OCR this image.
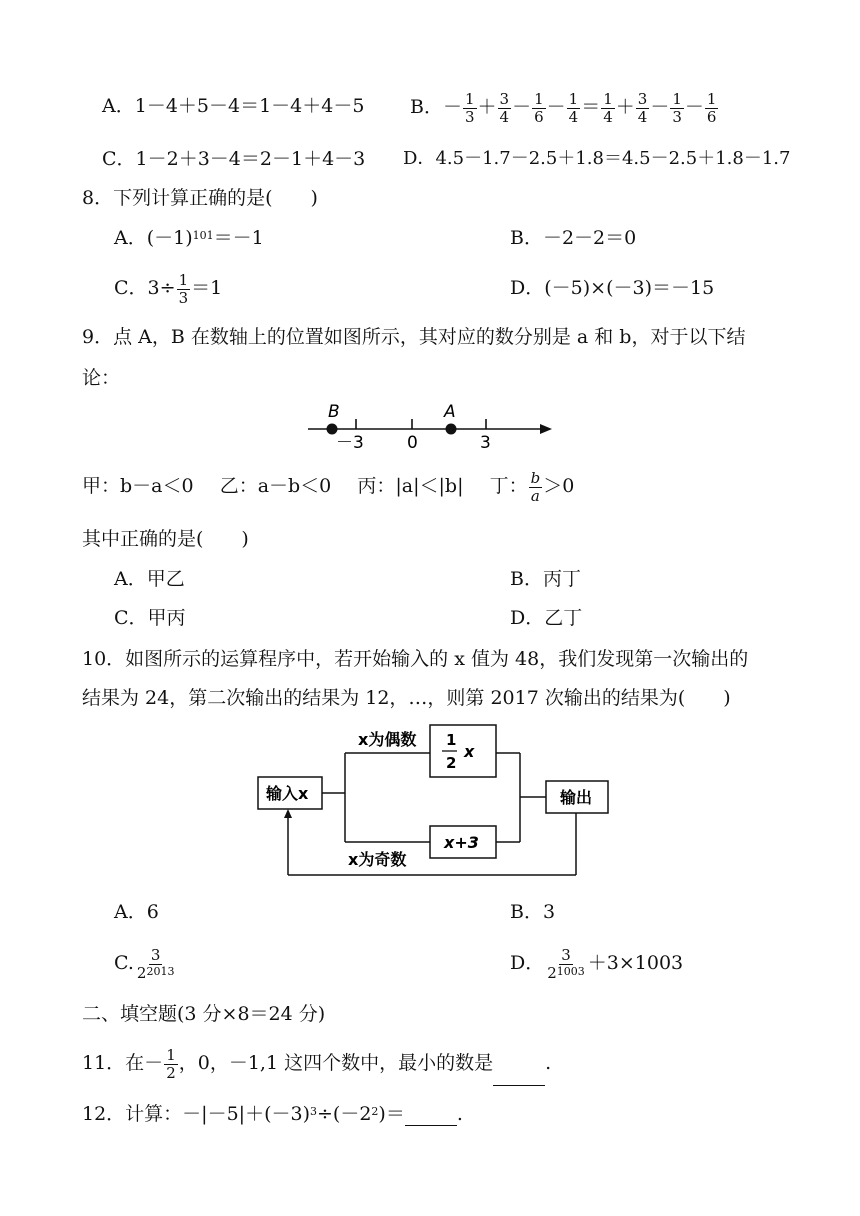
A．1－4＋5－4＝1－4＋4－5 B．－ $\frac{1}{3} + \frac{3}{4} - \frac{1}{6} - \frac{1}{4} = \frac{1}{4} + \frac{3}{4} - \frac{1}{3} - \frac{1}{6}$
C．1－2＋3－4＝2－1＋4－3 D．4.5－1.7－2.5＋1.8＝4.5－2.5＋1.8－1.7
8．下列计算正确的是(　　)
A．$(-1)^{101}=-1$	B．－2－2＝0
C．$3\div \frac{1}{3} =1$	D．(－5)×(－3)＝－15
9．点 A，B 在数轴上的位置如图所示，其对应的数分别是 a 和 b，对于以下结
论：
B	A
－3	0	3
甲：b－a＜0 乙：a－b＜0 丙：|a|＜|b| 丁： $\frac{b}{a} >0$
其中正确的是(　　)
A．甲乙	B．丙丁
C．甲丙	D．乙丁
10．如图所示的运算程序中，若开始输入的 x 值为 48，我们发现第一次输出的
结果为 24，第二次输出的结果为 12，…，则第 2017 次输出的结果为(　　)
输入x
1
2
x
x+3
x为偶数
x为奇数
输出
A．6	B．3
C. $\frac{3}{2^{2013}}$	D． $\frac{3}{2^{1003}} +3\times 1003$
二、填空题(3 分×8＝24 分)
11．在－ $\frac{1}{2}$ ，0，－1,1 这四个数中，最小的数是	.
12．计算：$-|-5|+(-3)^3\div(-2^2)=$	.
